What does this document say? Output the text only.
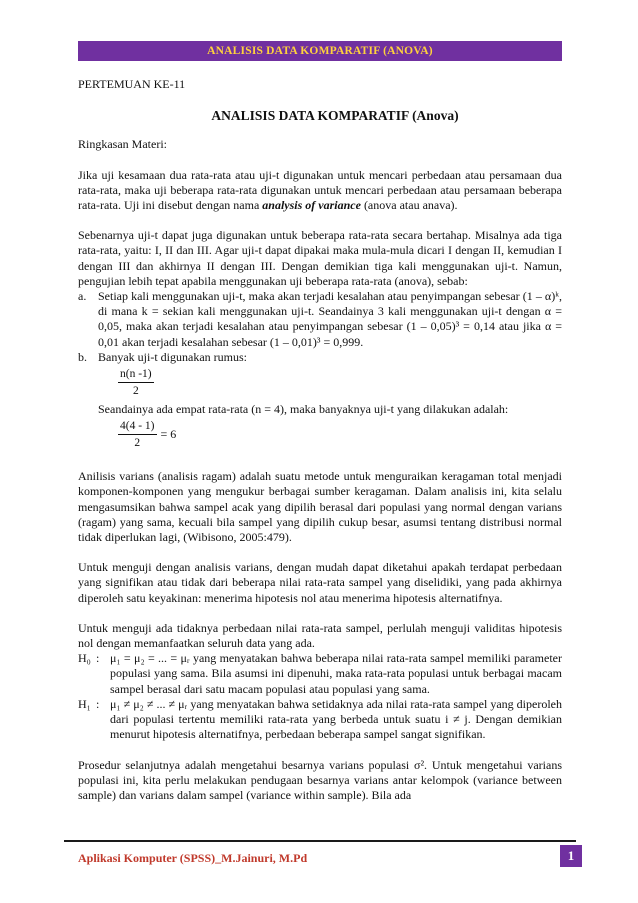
ANALISIS DATA KOMPARATIF (ANOVA)

PERTEMUAN KE-11

ANALISIS DATA KOMPARATIF (Anova)

Ringkasan Materi:

Jika uji kesamaan dua rata-rata atau uji-t digunakan untuk mencari perbedaan atau persamaan dua rata-rata, maka uji beberapa rata-rata digunakan untuk mencari perbedaan atau persamaan beberapa rata-rata. Uji ini disebut dengan nama analysis of variance (anova atau anava).

Sebenarnya uji-t dapat juga digunakan untuk beberapa rata-rata secara bertahap. Misalnya ada tiga rata-rata, yaitu: I, II dan III. Agar uji-t dapat dipakai maka mula-mula dicari I dengan II, kemudian I dengan III dan akhirnya II dengan III. Dengan demikian tiga kali menggunakan uji-t. Namun, pengujian lebih tepat apabila menggunakan uji beberapa rata-rata (anova), sebab:

a. Setiap kali menggunakan uji-t, maka akan terjadi kesalahan atau penyimpangan sebesar (1 – α)ᵏ, di mana k = sekian kali menggunakan uji-t. Seandainya 3 kali menggunakan uji-t dengan α = 0,05, maka akan terjadi kesalahan atau penyimpangan sebesar (1 – 0,05)³ = 0,14 atau jika α = 0,01 akan terjadi kesalahan sebesar (1 – 0,01)³ = 0,999.
b. Banyak uji-t digunakan rumus:
$\frac{n(n -1)}{2}$
Seandainya ada empat rata-rata (n = 4), maka banyaknya uji-t yang dilakukan adalah:
$\frac{4(4 - 1)}{2} = 6$

Anilisis varians (analisis ragam) adalah suatu metode untuk menguraikan keragaman total menjadi komponen-komponen yang mengukur berbagai sumber keragaman. Dalam analisis ini, kita selalu mengasumsikan bahwa sampel acak yang dipilih berasal dari populasi yang normal dengan varians (ragam) yang sama, kecuali bila sampel yang dipilih cukup besar, asumsi tentang distribusi normal tidak diperlukan lagi, (Wibisono, 2005:479).

Untuk menguji dengan analisis varians, dengan mudah dapat diketahui apakah terdapat perbedaan yang signifikan atau tidak dari beberapa nilai rata-rata sampel yang diselidiki, yang pada akhirnya diperoleh satu keyakinan: menerima hipotesis nol atau menerima hipotesis alternatifnya.

Untuk menguji ada tidaknya perbedaan nilai rata-rata sampel, perlulah menguji validitas hipotesis nol dengan memanfaatkan seluruh data yang ada.

H₀ : μ₁ = μ₂ = ... = μᵣ yang menyatakan bahwa beberapa nilai rata-rata sampel memiliki parameter populasi yang sama. Bila asumsi ini dipenuhi, maka rata-rata populasi untuk berbagai macam sampel berasal dari satu macam populasi atau populasi yang sama.
H₁ : μ₁ ≠ μ₂ ≠ ... ≠ μᵣ yang menyatakan bahwa setidaknya ada nilai rata-rata sampel yang diperoleh dari populasi tertentu memiliki rata-rata yang berbeda untuk suatu i ≠ j. Dengan demikian menurut hipotesis alternatifnya, perbedaan beberapa sampel sangat signifikan.

Prosedur selanjutnya adalah mengetahui besarnya varians populasi σ². Untuk mengetahui varians populasi ini, kita perlu melakukan pendugaan besarnya varians antar kelompok (variance between sample) dan varians dalam sampel (variance within sample). Bila ada

Aplikasi Komputer (SPSS)_M.Jainuri, M.Pd	1
